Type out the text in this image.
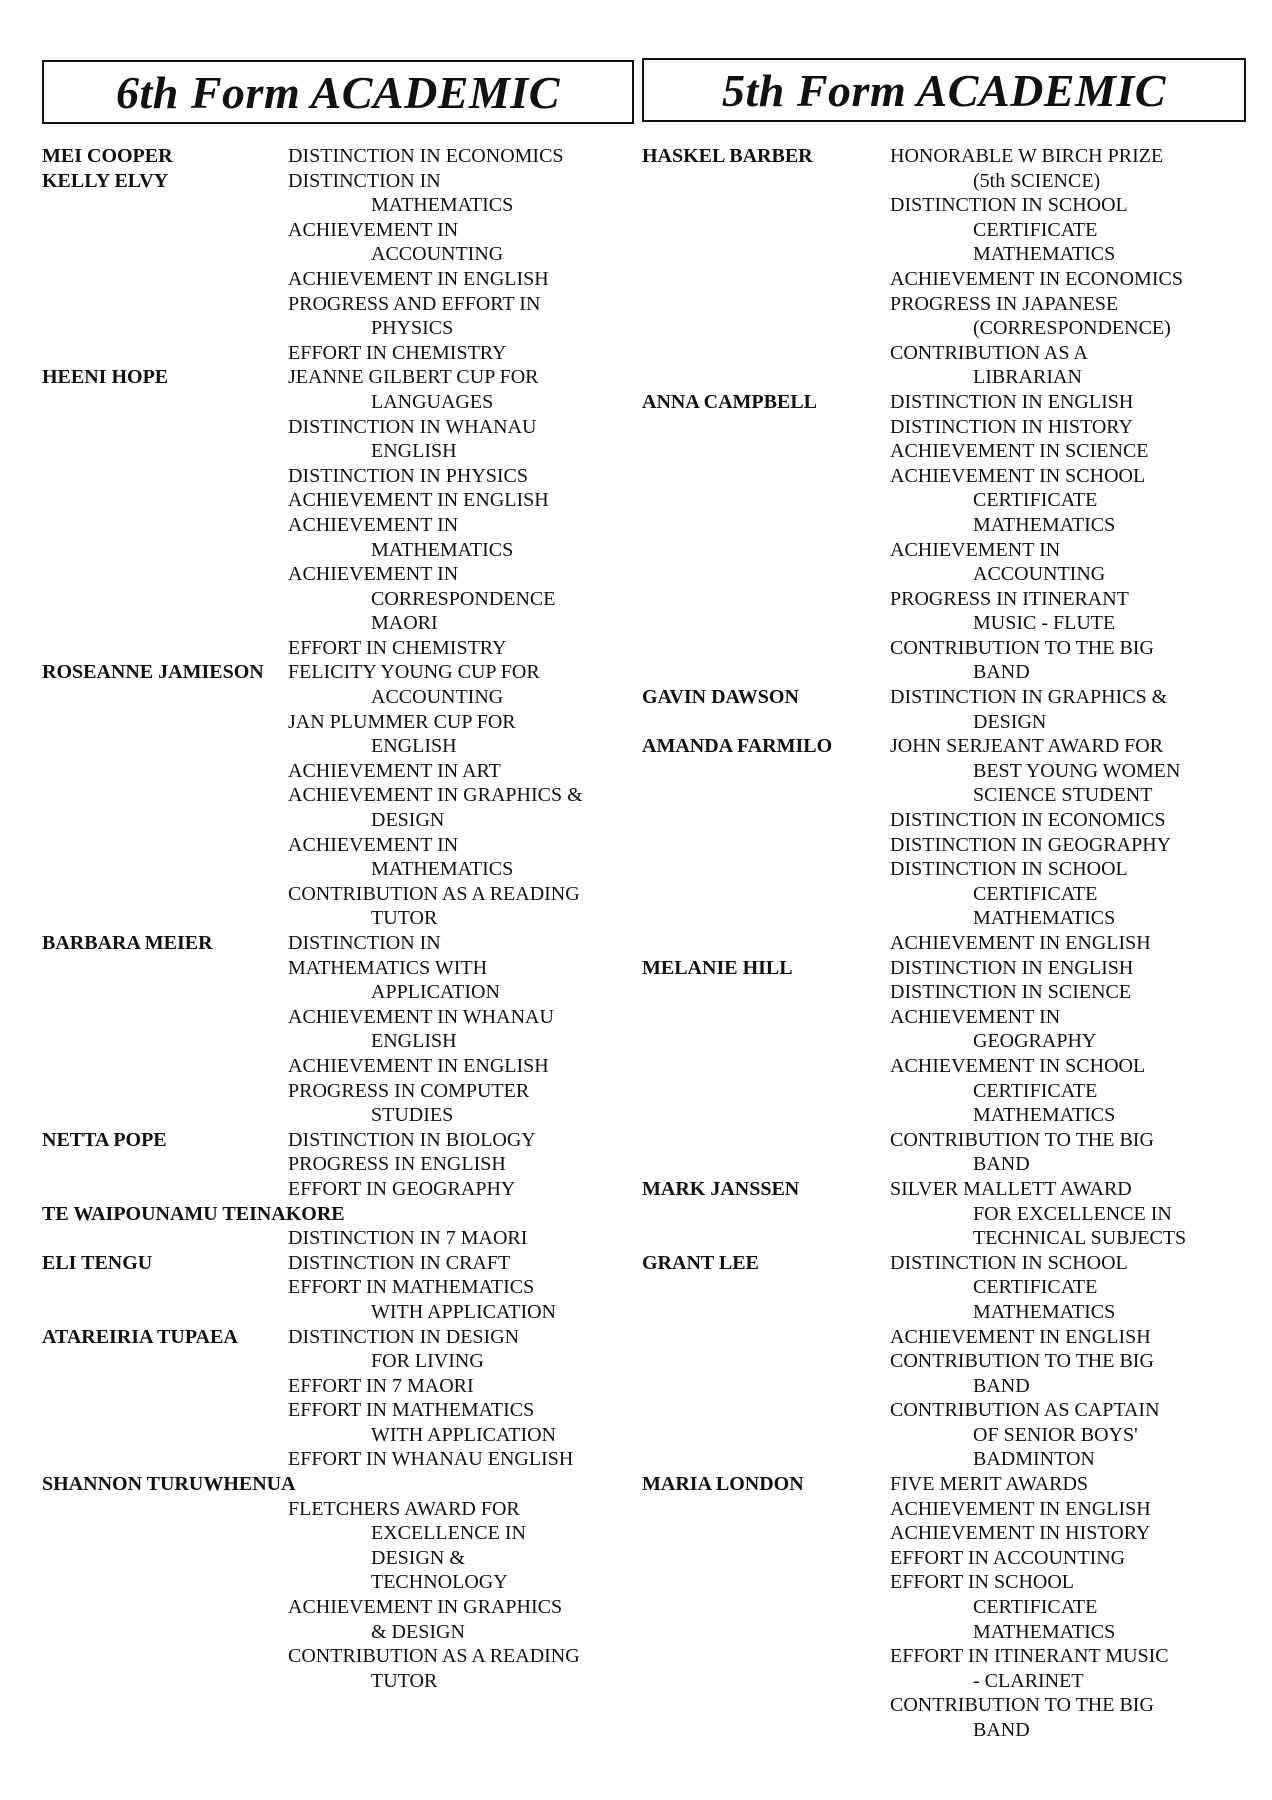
6th Form ACADEMIC
MEI COOPER	DISTINCTION IN ECONOMICS
KELLY ELVY	DISTINCTION IN
MATHEMATICS
ACHIEVEMENT IN
ACCOUNTING
ACHIEVEMENT IN ENGLISH
PROGRESS AND EFFORT IN
PHYSICS
EFFORT IN CHEMISTRY
HEENI HOPE	JEANNE GILBERT CUP FOR
LANGUAGES
DISTINCTION IN WHANAU
ENGLISH
DISTINCTION IN PHYSICS
ACHIEVEMENT IN ENGLISH
ACHIEVEMENT IN
MATHEMATICS
ACHIEVEMENT IN
CORRESPONDENCE
MAORI
EFFORT IN CHEMISTRY
ROSEANNE JAMIESON	FELICITY YOUNG CUP FOR
ACCOUNTING
JAN PLUMMER CUP FOR
ENGLISH
ACHIEVEMENT IN ART
ACHIEVEMENT IN GRAPHICS &
DESIGN
ACHIEVEMENT IN
MATHEMATICS
CONTRIBUTION AS A READING
TUTOR
BARBARA MEIER	DISTINCTION IN
MATHEMATICS WITH
APPLICATION
ACHIEVEMENT IN WHANAU
ENGLISH
ACHIEVEMENT IN ENGLISH
PROGRESS IN COMPUTER
STUDIES
NETTA POPE	DISTINCTION IN BIOLOGY
PROGRESS IN ENGLISH
EFFORT IN GEOGRAPHY
TE WAIPOUNAMU TEINAKORE
DISTINCTION IN 7 MAORI
ELI TENGU	DISTINCTION IN CRAFT
EFFORT IN MATHEMATICS
WITH APPLICATION
ATAREIRIA TUPAEA	DISTINCTION IN DESIGN
FOR LIVING
EFFORT IN 7 MAORI
EFFORT IN MATHEMATICS
WITH APPLICATION
EFFORT IN WHANAU ENGLISH
SHANNON TURUWHENUA
FLETCHERS AWARD FOR
EXCELLENCE IN
DESIGN &
TECHNOLOGY
ACHIEVEMENT IN GRAPHICS
& DESIGN
CONTRIBUTION AS A READING
TUTOR
5th Form ACADEMIC
HASKEL BARBER	HONORABLE W BIRCH PRIZE
(5th SCIENCE)
DISTINCTION IN SCHOOL
CERTIFICATE
MATHEMATICS
ACHIEVEMENT IN ECONOMICS
PROGRESS IN JAPANESE
(CORRESPONDENCE)
CONTRIBUTION AS A
LIBRARIAN
ANNA CAMPBELL	DISTINCTION IN ENGLISH
DISTINCTION IN HISTORY
ACHIEVEMENT IN SCIENCE
ACHIEVEMENT IN SCHOOL
CERTIFICATE
MATHEMATICS
ACHIEVEMENT IN
ACCOUNTING
PROGRESS IN ITINERANT
MUSIC - FLUTE
CONTRIBUTION TO THE BIG
BAND
GAVIN DAWSON	DISTINCTION IN GRAPHICS &
DESIGN
AMANDA FARMILO	JOHN SERJEANT AWARD FOR
BEST YOUNG WOMEN
SCIENCE STUDENT
DISTINCTION IN ECONOMICS
DISTINCTION IN GEOGRAPHY
DISTINCTION IN SCHOOL
CERTIFICATE
MATHEMATICS
ACHIEVEMENT IN ENGLISH
MELANIE HILL	DISTINCTION IN ENGLISH
DISTINCTION IN SCIENCE
ACHIEVEMENT IN
GEOGRAPHY
ACHIEVEMENT IN SCHOOL
CERTIFICATE
MATHEMATICS
CONTRIBUTION TO THE BIG
BAND
MARK JANSSEN	SILVER MALLETT AWARD
FOR EXCELLENCE IN
TECHNICAL SUBJECTS
GRANT LEE	DISTINCTION IN SCHOOL
CERTIFICATE
MATHEMATICS
ACHIEVEMENT IN ENGLISH
CONTRIBUTION TO THE BIG
BAND
CONTRIBUTION AS CAPTAIN
OF SENIOR BOYS'
BADMINTON
MARIA LONDON	FIVE MERIT AWARDS
ACHIEVEMENT IN ENGLISH
ACHIEVEMENT IN HISTORY
EFFORT IN ACCOUNTING
EFFORT IN SCHOOL
CERTIFICATE
MATHEMATICS
EFFORT IN ITINERANT MUSIC
- CLARINET
CONTRIBUTION TO THE BIG
BAND
